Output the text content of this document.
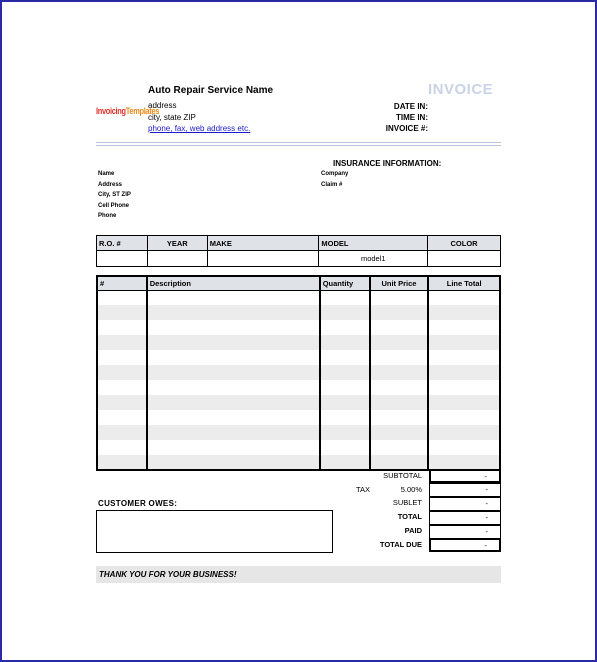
Auto Repair Service Name
address
city, state ZIP
phone, fax, web address etc.
InvoicingTemplates
INVOICE
DATE IN:
TIME IN:
INVOICE #:
Name
Address
City, ST ZIP
Cell Phone
Phone
INSURANCE INFORMATION:
Company
Claim #
R.O. #	YEAR	MAKE	MODEL	COLOR
			model1	
#	Description	Quantity	Unit Price	Line Total

SUBTOTAL	-
TAX	5.00%	-
SUBLET	-
TOTAL	-
PAID	-
TOTAL DUE	-
CUSTOMER OWES:
THANK YOU FOR YOUR BUSINESS!
